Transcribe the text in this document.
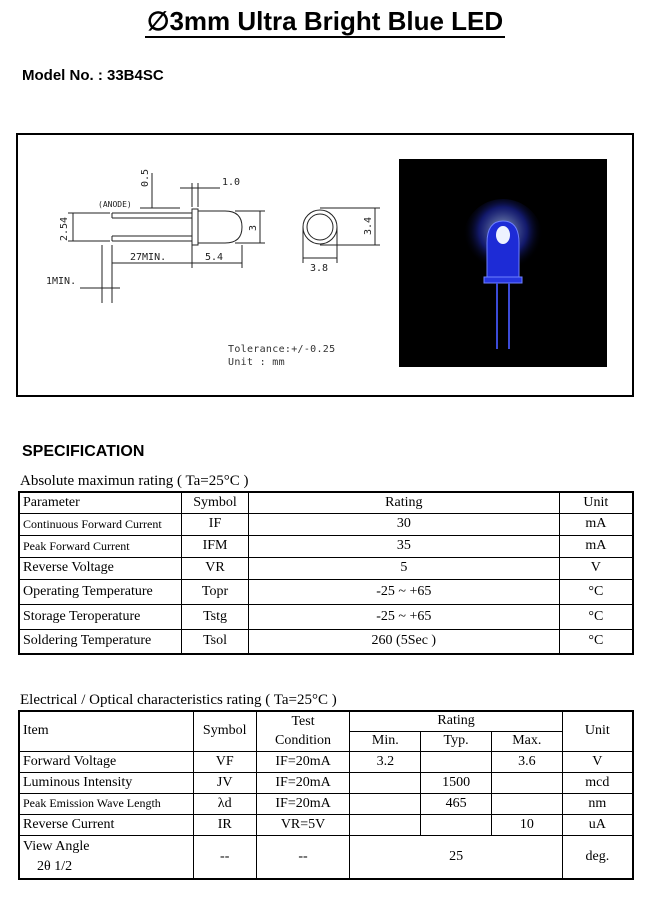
∅3mm Ultra Bright Blue LED
Model No. : 33B4SC
0.5	1.0
(ANODE)
2.54	3	3.4
27MIN.	5.4
3.8
1MIN.
Tolerance:+/-0.25
Unit : mm
SPECIFICATION
Absolute maximun rating ( Ta=25°C )
Parameter	Symbol	Rating	Unit
Continuous Forward Current	IF	30	mA
Peak Forward Current	IFM	35	mA
Reverse Voltage	VR	5	V
Operating Temperature	Topr	-25 ~ +65	°C
Storage Teroperature	Tstg	-25 ~ +65	°C
Soldering Temperature	Tsol	260 (5Sec )	°C
Electrical / Optical characteristics rating ( Ta=25°C )
Item	Symbol	Test	Rating			Unit
		Condition	Min.	Typ.	Max.	
Forward Voltage	VF	IF=20mA	3.2		3.6	V
Luminous Intensity	JV	IF=20mA		1500		mcd
Peak Emission Wave Length	λd	IF=20mA		465		nm
Reverse Current	IR	VR=5V			10	uA

View Angle
2θ 1/2	--	--	25			deg.
